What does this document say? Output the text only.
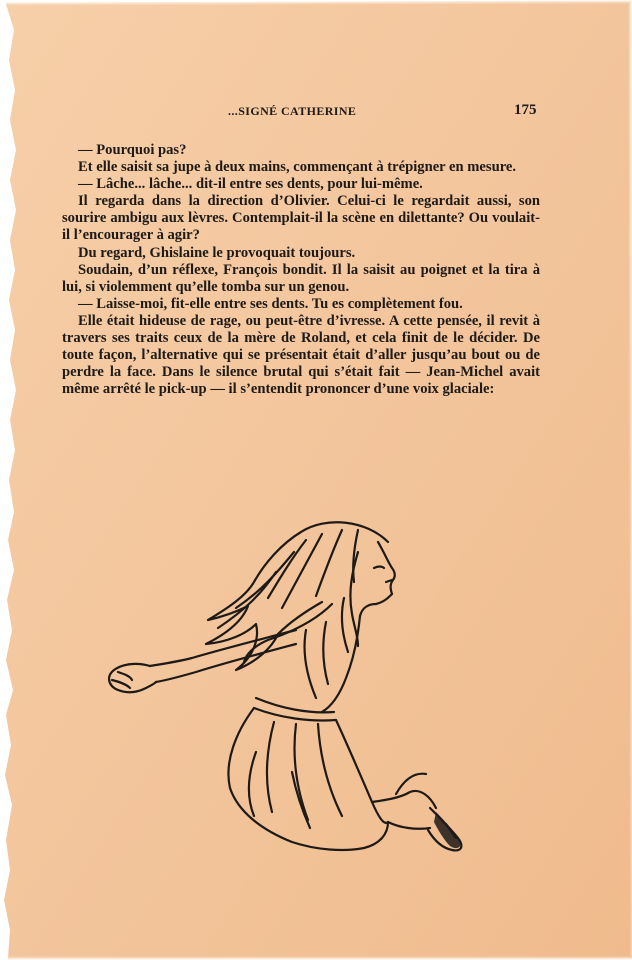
...SIGNÉ CATHERINE	175

— Pourquoi pas?

Et elle saisit sa jupe à deux mains, commençant à trépigner en mesure.

— Lâche... lâche... dit-il entre ses dents, pour lui-même.

Il regarda dans la direction d’Olivier. Celui-ci le regardait aussi, son sourire ambigu aux lèvres. Contemplait-il la scène en dilettante? Ou voulait-il l’encourager à agir?

Du regard, Ghislaine le provoquait toujours.

Soudain, d’un réflexe, François bondit. Il la saisit au poignet et la tira à lui, si violemment qu’elle tomba sur un genou.

— Laisse-moi, fit-elle entre ses dents. Tu es complètement fou.

Elle était hideuse de rage, ou peut-être d’ivresse. A cette pensée, il revit à travers ses traits ceux de la mère de Roland, et cela finit de le décider. De toute façon, l’alternative qui se présentait était d’aller jusqu’au bout ou de perdre la face. Dans le silence brutal qui s’était fait — Jean-Michel avait même arrêté le pick-up — il s’entendit prononcer d’une voix glaciale:
